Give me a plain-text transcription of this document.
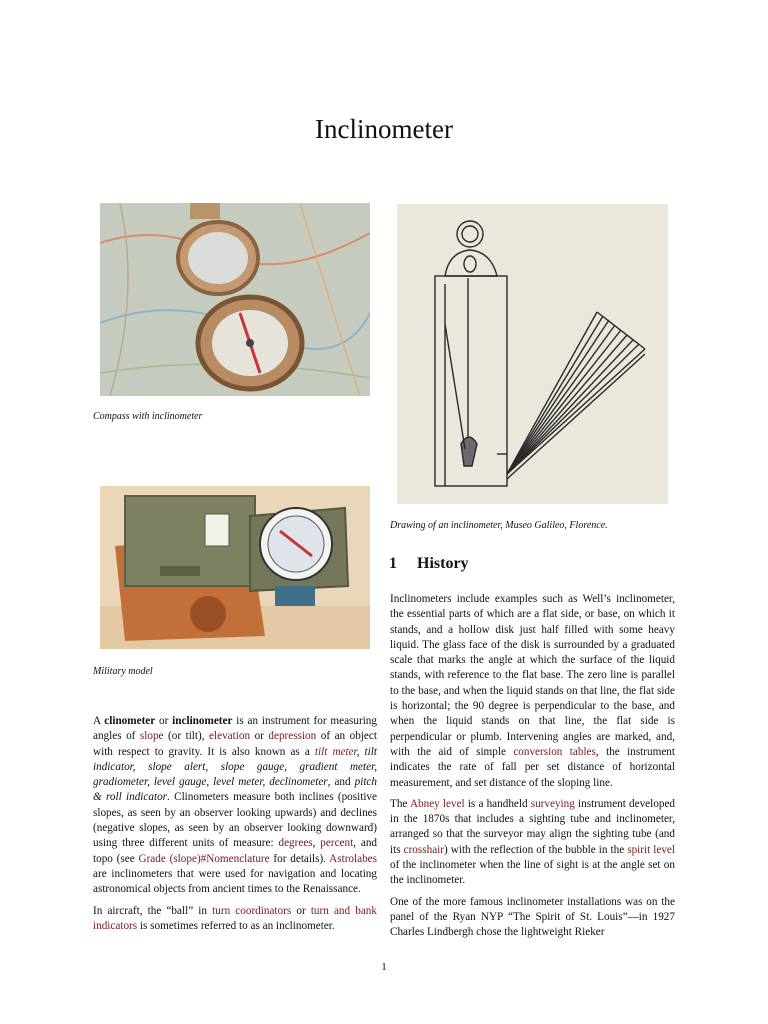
Inclinometer
Compass with inclinometer
Military model
Drawing of an inclinometer, Museo Galileo, Florence.
1 History

A clinometer or inclinometer is an instrument for measuring angles of slope (or tilt), elevation or depression of an object with respect to gravity. It is also known as a tilt meter, tilt indicator, slope alert, slope gauge, gradient meter, gradiometer, level gauge, level meter, declinometer, and pitch & roll indicator. Clinometers measure both inclines (positive slopes, as seen by an observer looking upwards) and declines (negative slopes, as seen by an observer looking downward) using three different units of measure: degrees, percent, and topo (see Grade (slope)#Nomenclature for details). Astrolabes are inclinometers that were used for navigation and locating astronomical objects from ancient times to the Renaissance.

In aircraft, the “ball” in turn coordinators or turn and bank indicators is sometimes referred to as an inclinometer.

Inclinometers include examples such as Well’s inclinometer, the essential parts of which are a flat side, or base, on which it stands, and a hollow disk just half filled with some heavy liquid. The glass face of the disk is surrounded by a graduated scale that marks the angle at which the surface of the liquid stands, with reference to the flat base. The zero line is parallel to the base, and when the liquid stands on that line, the flat side is horizontal; the 90 degree is perpendicular to the base, and when the liquid stands on that line, the flat side is perpendicular or plumb. Intervening angles are marked, and, with the aid of simple conversion tables, the instrument indicates the rate of fall per set distance of horizontal measurement, and set distance of the sloping line.

The Abney level is a handheld surveying instrument developed in the 1870s that includes a sighting tube and inclinometer, arranged so that the surveyor may align the sighting tube (and its crosshair) with the reflection of the bubble in the spirit level of the inclinometer when the line of sight is at the angle set on the inclinometer.

One of the more famous inclinometer installations was on the panel of the Ryan NYP “The Spirit of St. Louis”—in 1927 Charles Lindbergh chose the lightweight Rieker

1
